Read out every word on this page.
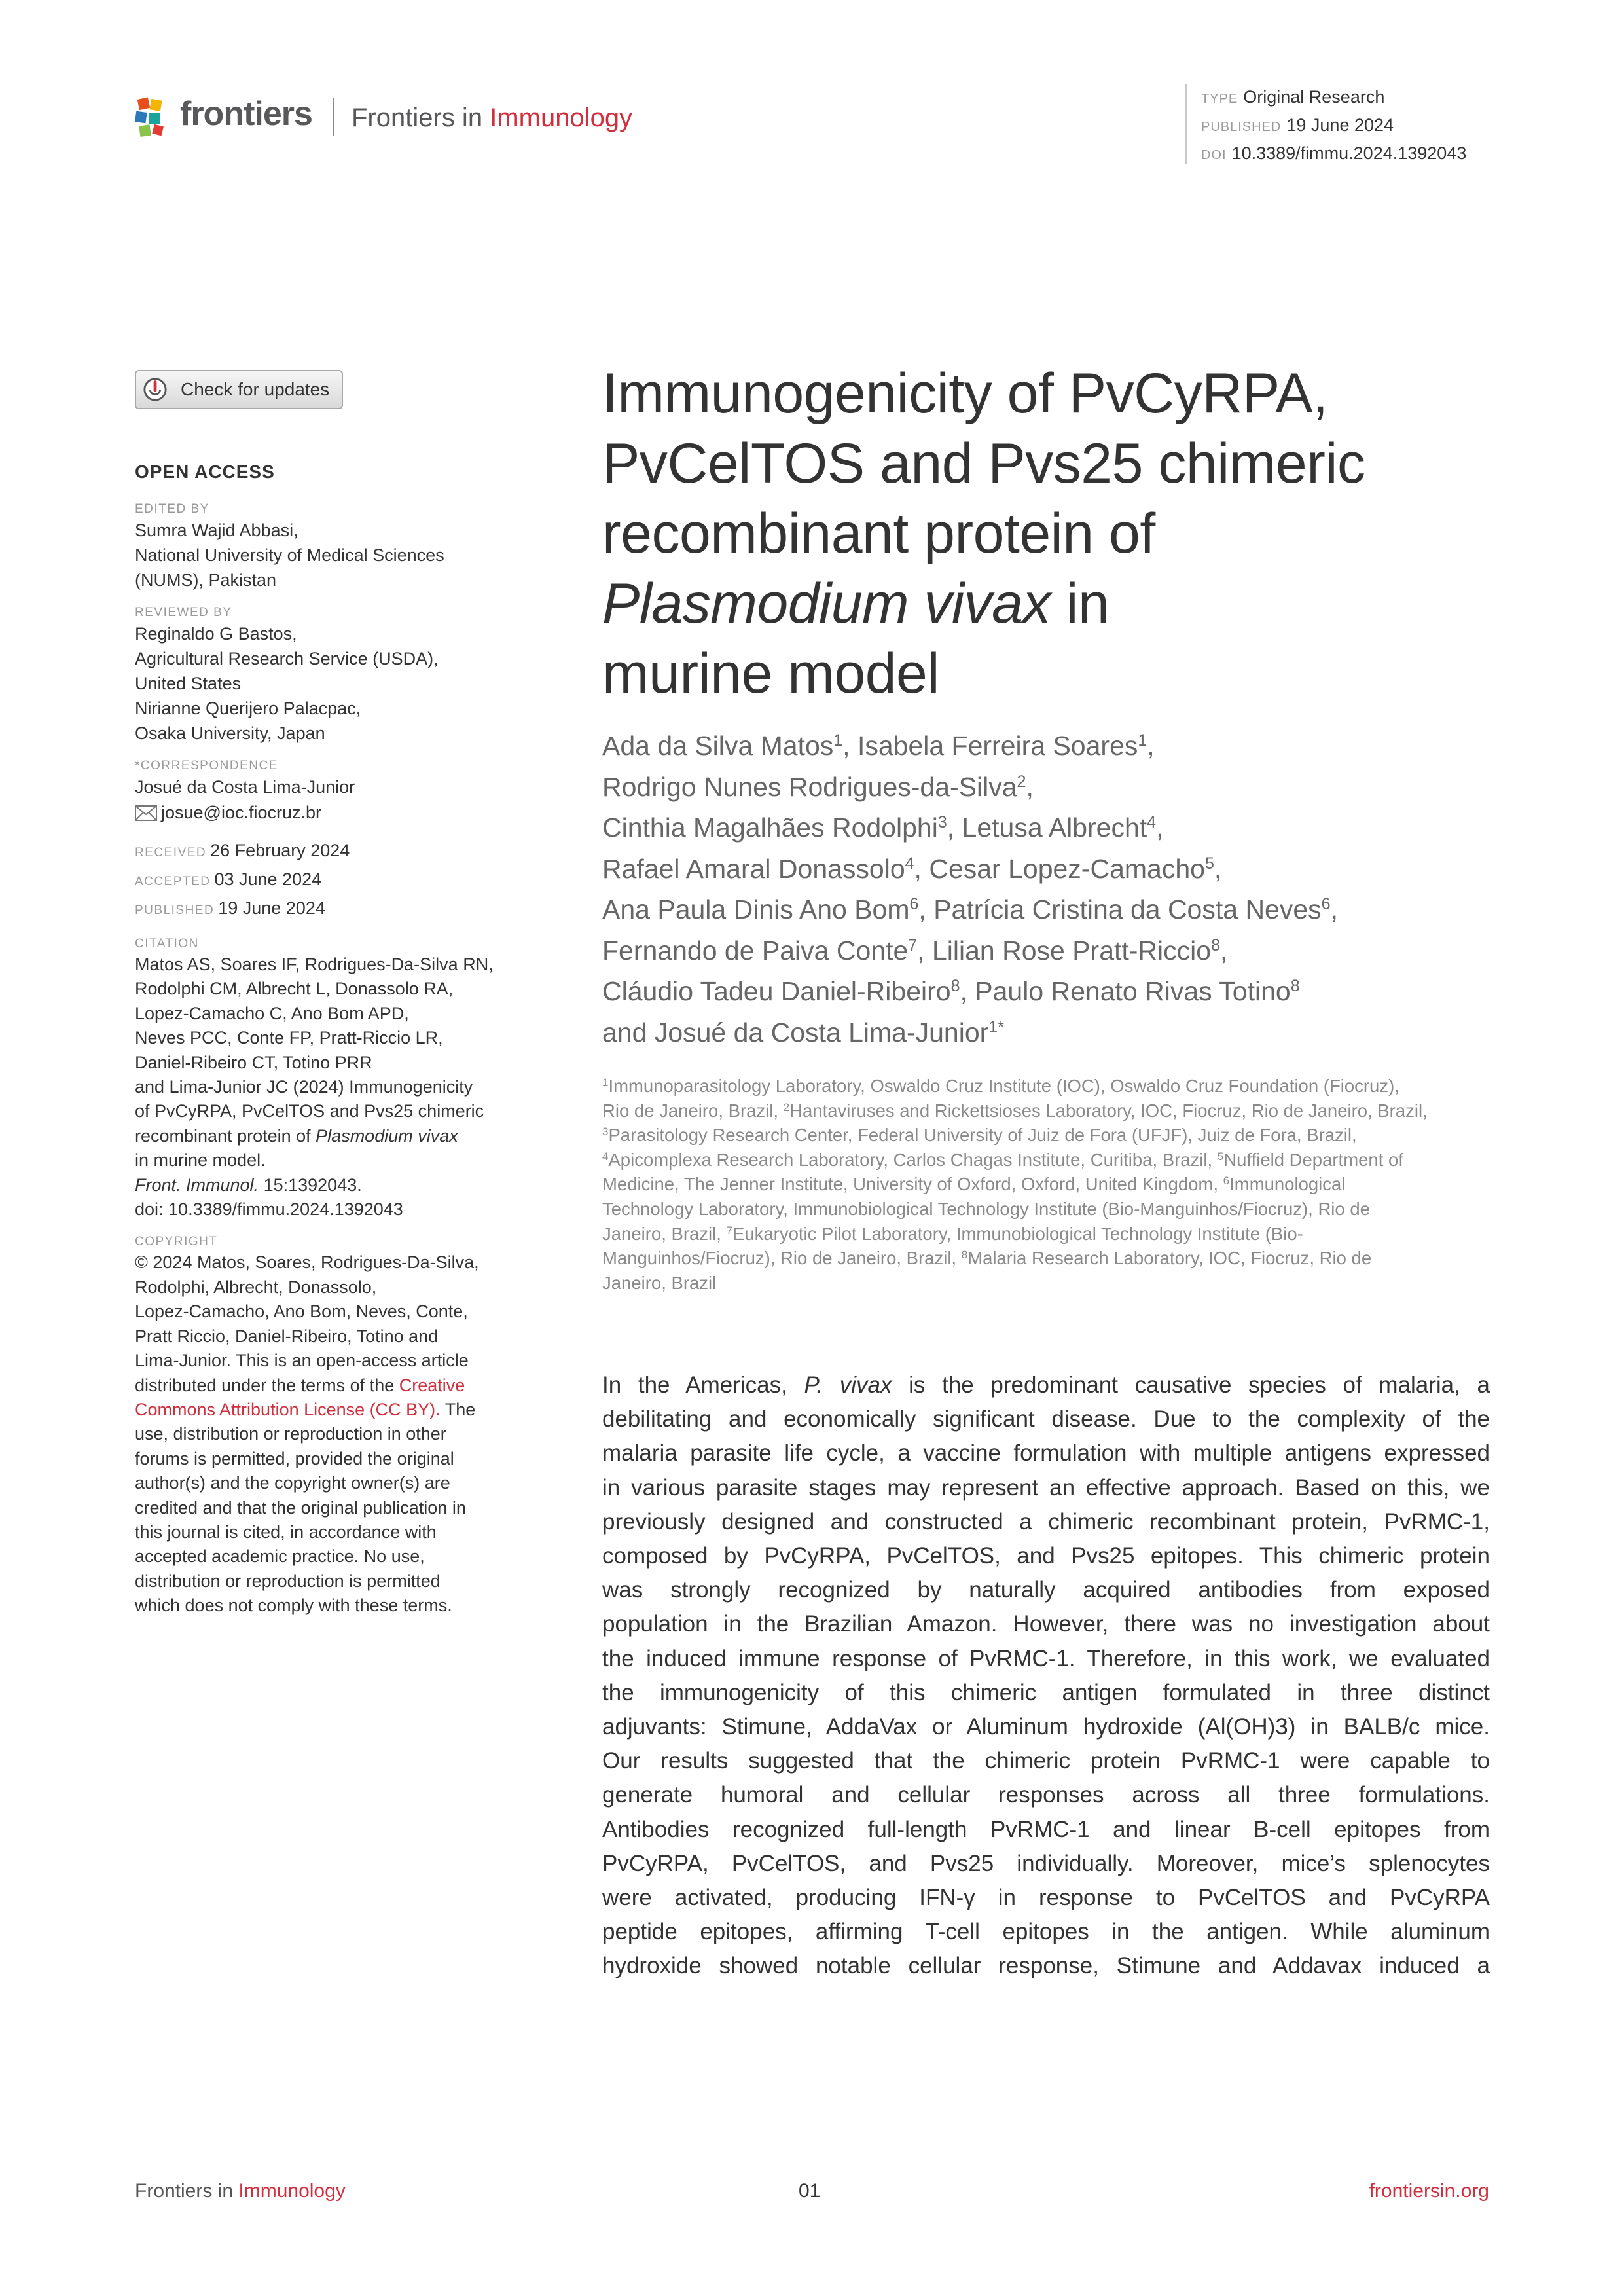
frontiers Frontiers in Immunology
TYPE Original Research
PUBLISHED 19 June 2024
DOI 10.3389/fimmu.2024.1392043
Check for updates
OPEN ACCESS
EDITED BY
Sumra Wajid Abbasi,
National University of Medical Sciences
(NUMS), Pakistan
REVIEWED BY
Reginaldo G Bastos,
Agricultural Research Service (USDA),
United States
Nirianne Querijero Palacpac,
Osaka University, Japan
*CORRESPONDENCE
Josué da Costa Lima-Junior
josue@ioc.fiocruz.br
RECEIVED 26 February 2024
ACCEPTED 03 June 2024
PUBLISHED 19 June 2024
CITATION
Matos AS, Soares IF, Rodrigues-Da-Silva RN,
Rodolphi CM, Albrecht L, Donassolo RA,
Lopez-Camacho C, Ano Bom APD,
Neves PCC, Conte FP, Pratt-Riccio LR,
Daniel-Ribeiro CT, Totino PRR
and Lima-Junior JC (2024) Immunogenicity
of PvCyRPA, PvCelTOS and Pvs25 chimeric
recombinant protein of Plasmodium vivax
in murine model.
Front. Immunol. 15:1392043.
doi: 10.3389/fimmu.2024.1392043
COPYRIGHT
© 2024 Matos, Soares, Rodrigues-Da-Silva,
Rodolphi, Albrecht, Donassolo,
Lopez-Camacho, Ano Bom, Neves, Conte,
Pratt Riccio, Daniel-Ribeiro, Totino and
Lima-Junior. This is an open-access article
distributed under the terms of the Creative
Commons Attribution License (CC BY). The
use, distribution or reproduction in other
forums is permitted, provided the original
author(s) and the copyright owner(s) are
credited and that the original publication in
this journal is cited, in accordance with
accepted academic practice. No use,
distribution or reproduction is permitted
which does not comply with these terms.
Immunogenicity of PvCyRPA,
PvCelTOS and Pvs25 chimeric
recombinant protein of
Plasmodium vivax in
murine model
Ada da Silva Matos$^1$, Isabela Ferreira Soares$^1$,
Rodrigo Nunes Rodrigues-da-Silva$^2$,
Cinthia Magalhães Rodolphi$^3$, Letusa Albrecht$^4$,
Rafael Amaral Donassolo$^4$, Cesar Lopez-Camacho$^5$,
Ana Paula Dinis Ano Bom$^6$, Patrícia Cristina da Costa Neves$^6$,
Fernando de Paiva Conte$^7$, Lilian Rose Pratt-Riccio$^8$,
Cláudio Tadeu Daniel-Ribeiro$^8$, Paulo Renato Rivas Totino$^8$
and Josué da Costa Lima-Junior$^{1*}$
$^1$Immunoparasitology Laboratory, Oswaldo Cruz Institute (IOC), Oswaldo Cruz Foundation (Fiocruz),
Rio de Janeiro, Brazil, $^2$Hantaviruses and Rickettsioses Laboratory, IOC, Fiocruz, Rio de Janeiro, Brazil,
$^3$Parasitology Research Center, Federal University of Juiz de Fora (UFJF), Juiz de Fora, Brazil,
$^4$Apicomplexa Research Laboratory, Carlos Chagas Institute, Curitiba, Brazil, $^5$Nuffield Department of
Medicine, The Jenner Institute, University of Oxford, Oxford, United Kingdom, $^6$Immunological
Technology Laboratory, Immunobiological Technology Institute (Bio-Manguinhos/Fiocruz), Rio de
Janeiro, Brazil, $^7$Eukaryotic Pilot Laboratory, Immunobiological Technology Institute (Bio-
Manguinhos/Fiocruz), Rio de Janeiro, Brazil, $^8$Malaria Research Laboratory, IOC, Fiocruz, Rio de
Janeiro, Brazil
In the Americas, P. vivax is the predominant causative species of malaria, a
debilitating and economically significant disease. Due to the complexity of the
malaria parasite life cycle, a vaccine formulation with multiple antigens expressed
in various parasite stages may represent an effective approach. Based on this, we
previously designed and constructed a chimeric recombinant protein, PvRMC-1,
composed by PvCyRPA, PvCelTOS, and Pvs25 epitopes. This chimeric protein
was strongly recognized by naturally acquired antibodies from exposed
population in the Brazilian Amazon. However, there was no investigation about
the induced immune response of PvRMC-1. Therefore, in this work, we evaluated
the immunogenicity of this chimeric antigen formulated in three distinct
adjuvants: Stimune, AddaVax or Aluminum hydroxide (Al(OH)3) in BALB/c mice.
Our results suggested that the chimeric protein PvRMC-1 were capable to
generate humoral and cellular responses across all three formulations.
Antibodies recognized full-length PvRMC-1 and linear B-cell epitopes from
PvCyRPA, PvCelTOS, and Pvs25 individually. Moreover, mice’s splenocytes
were activated, producing IFN-γ in response to PvCelTOS and PvCyRPA
peptide epitopes, affirming T-cell epitopes in the antigen. While aluminum
hydroxide showed notable cellular response, Stimune and Addavax induced a
Frontiers in Immunology	01	frontiersin.org
